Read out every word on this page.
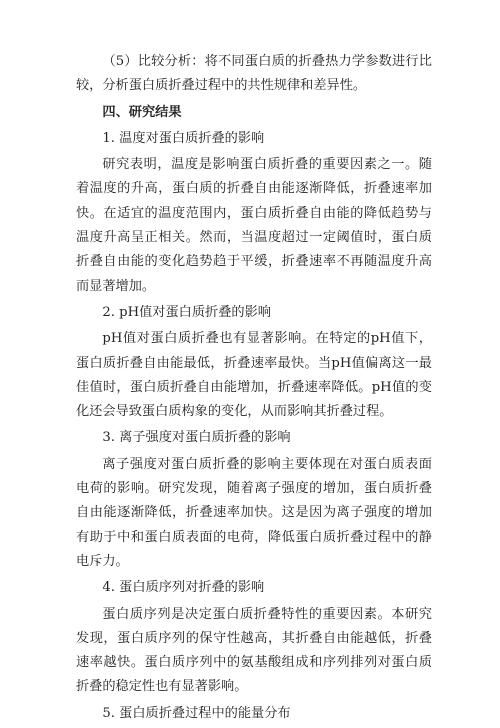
（5）比较分析：将不同蛋白质的折叠热力学参数进行比较，分析蛋白质折叠过程中的共性规律和差异性。

四、研究结果

1. 温度对蛋白质折叠的影响

研究表明，温度是影响蛋白质折叠的重要因素之一。随着温度的升高，蛋白质的折叠自由能逐渐降低，折叠速率加快。在适宜的温度范围内，蛋白质折叠自由能的降低趋势与温度升高呈正相关。然而，当温度超过一定阈值时，蛋白质折叠自由能的变化趋势趋于平缓，折叠速率不再随温度升高而显著增加。

2. pH值对蛋白质折叠的影响

pH值对蛋白质折叠也有显著影响。在特定的pH值下，蛋白质折叠自由能最低，折叠速率最快。当pH值偏离这一最佳值时，蛋白质折叠自由能增加，折叠速率降低。pH值的变化还会导致蛋白质构象的变化，从而影响其折叠过程。

3. 离子强度对蛋白质折叠的影响

离子强度对蛋白质折叠的影响主要体现在对蛋白质表面电荷的影响。研究发现，随着离子强度的增加，蛋白质折叠自由能逐渐降低，折叠速率加快。这是因为离子强度的增加有助于中和蛋白质表面的电荷，降低蛋白质折叠过程中的静电斥力。

4. 蛋白质序列对折叠的影响

蛋白质序列是决定蛋白质折叠特性的重要因素。本研究发现，蛋白质序列的保守性越高，其折叠自由能越低，折叠速率越快。蛋白质序列中的氨基酸组成和序列排列对蛋白质折叠的稳定性也有显著影响。

5. 蛋白质折叠过程中的能量分布
